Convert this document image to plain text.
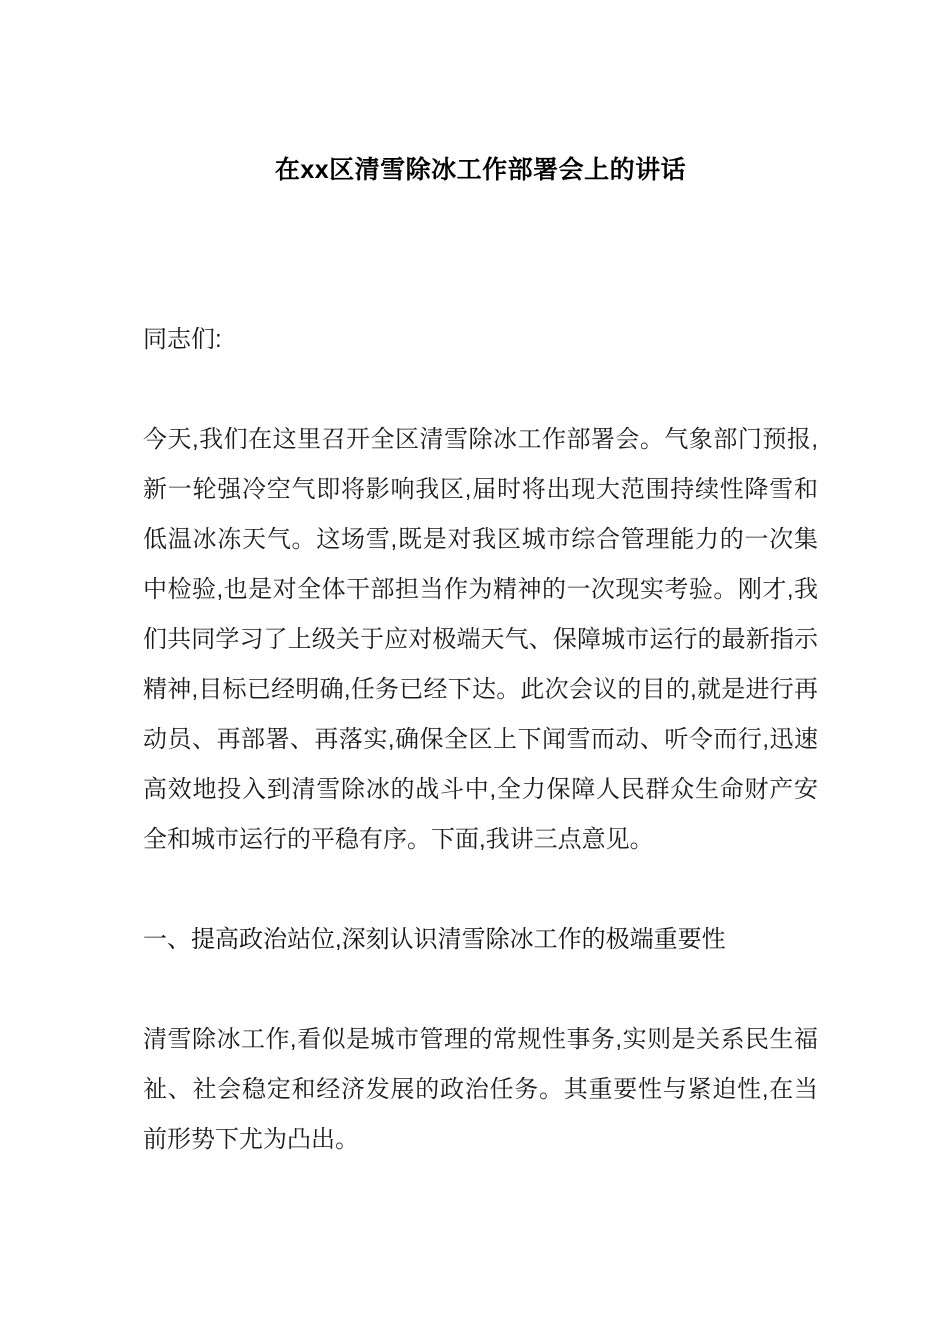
在xx区清雪除冰工作部署会上的讲话

同志们:

今天,我们在这里召开全区清雪除冰工作部署会。气象部门预报,新一轮强冷空气即将影响我区,届时将出现大范围持续性降雪和低温冰冻天气。这场雪,既是对我区城市综合管理能力的一次集中检验,也是对全体干部担当作为精神的一次现实考验。刚才,我们共同学习了上级关于应对极端天气、保障城市运行的最新指示精神,目标已经明确,任务已经下达。此次会议的目的,就是进行再动员、再部署、再落实,确保全区上下闻雪而动、听令而行,迅速高效地投入到清雪除冰的战斗中,全力保障人民群众生命财产安全和城市运行的平稳有序。下面,我讲三点意见。

一、提高政治站位,深刻认识清雪除冰工作的极端重要性

清雪除冰工作,看似是城市管理的常规性事务,实则是关系民生福祉、社会稳定和经济发展的政治任务。其重要性与紧迫性,在当前形势下尤为凸出。
